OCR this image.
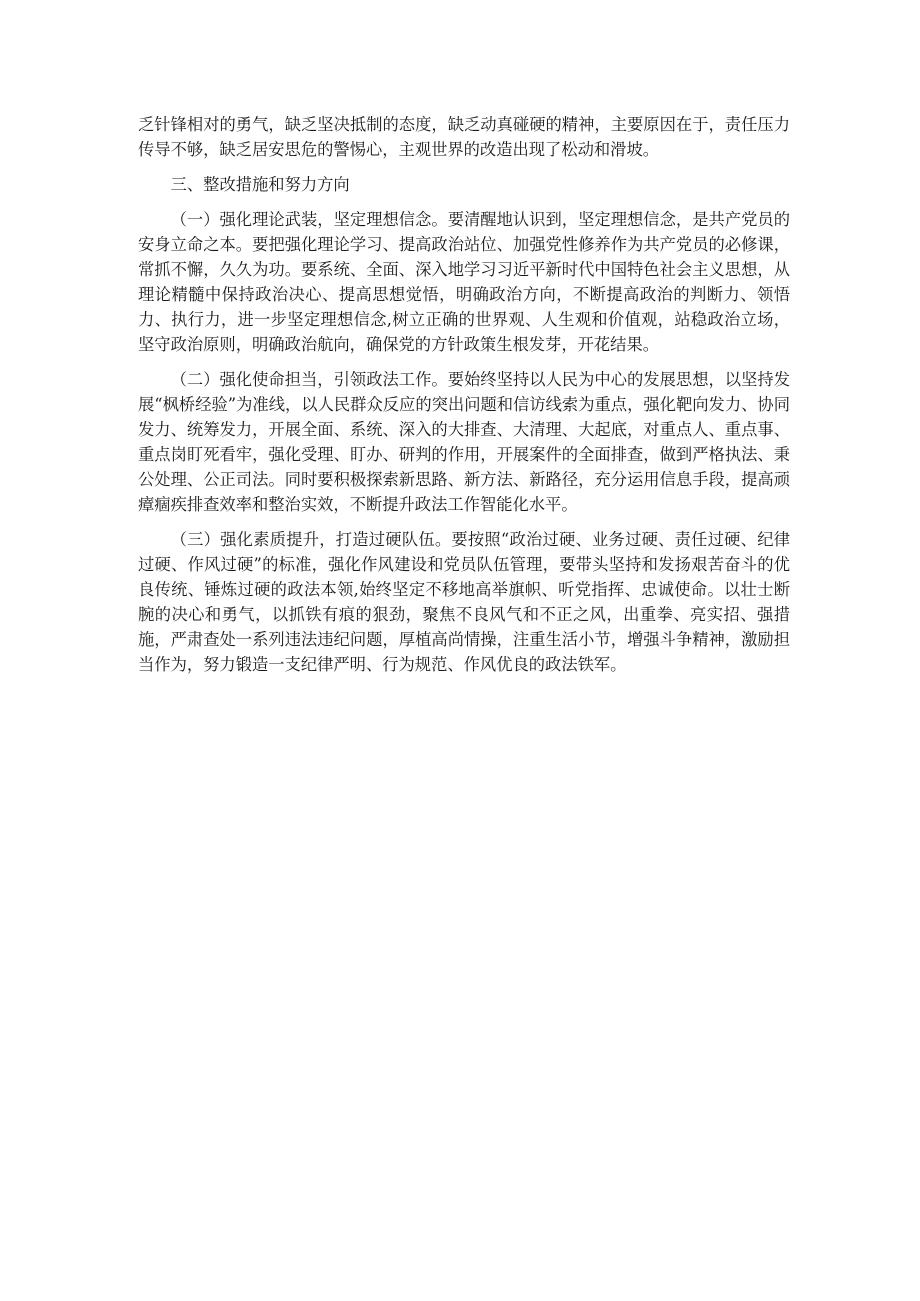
乏针锋相对的勇气，缺乏坚决抵制的态度，缺乏动真碰硬的精神，主要原因在于，责任压力传导不够，缺乏居安思危的警惕心，主观世界的改造出现了松动和滑坡。

三、整改措施和努力方向

（一）强化理论武装，坚定理想信念。要清醒地认识到，坚定理想信念，是共产党员的安身立命之本。要把强化理论学习、提高政治站位、加强党性修养作为共产党员的必修课，常抓不懈，久久为功。要系统、全面、深入地学习习近平新时代中国特色社会主义思想，从理论精髓中保持政治决心、提高思想觉悟，明确政治方向，不断提高政治的判断力、领悟力、执行力，进一步坚定理想信念,树立正确的世界观、人生观和价值观，站稳政治立场，坚守政治原则，明确政治航向，确保党的方针政策生根发芽，开花结果。

（二）强化使命担当，引领政法工作。要始终坚持以人民为中心的发展思想，以坚持发展“枫桥经验”为准线，以人民群众反应的突出问题和信访线索为重点，强化靶向发力、协同发力、统筹发力，开展全面、系统、深入的大排查、大清理、大起底，对重点人、重点事、重点岗盯死看牢，强化受理、盯办、研判的作用，开展案件的全面排查，做到严格执法、秉公处理、公正司法。同时要积极探索新思路、新方法、新路径，充分运用信息手段，提高顽瘴痼疾排查效率和整治实效，不断提升政法工作智能化水平。

（三）强化素质提升，打造过硬队伍。要按照“政治过硬、业务过硬、责任过硬、纪律过硬、作风过硬”的标准，强化作风建设和党员队伍管理，要带头坚持和发扬艰苦奋斗的优良传统、锤炼过硬的政法本领,始终坚定不移地高举旗帜、听党指挥、忠诚使命。以壮士断腕的决心和勇气，以抓铁有痕的狠劲，聚焦不良风气和不正之风，出重拳、亮实招、强措施，严肃查处一系列违法违纪问题，厚植高尚情操，注重生活小节，增强斗争精神，激励担当作为，努力锻造一支纪律严明、行为规范、作风优良的政法铁军。
